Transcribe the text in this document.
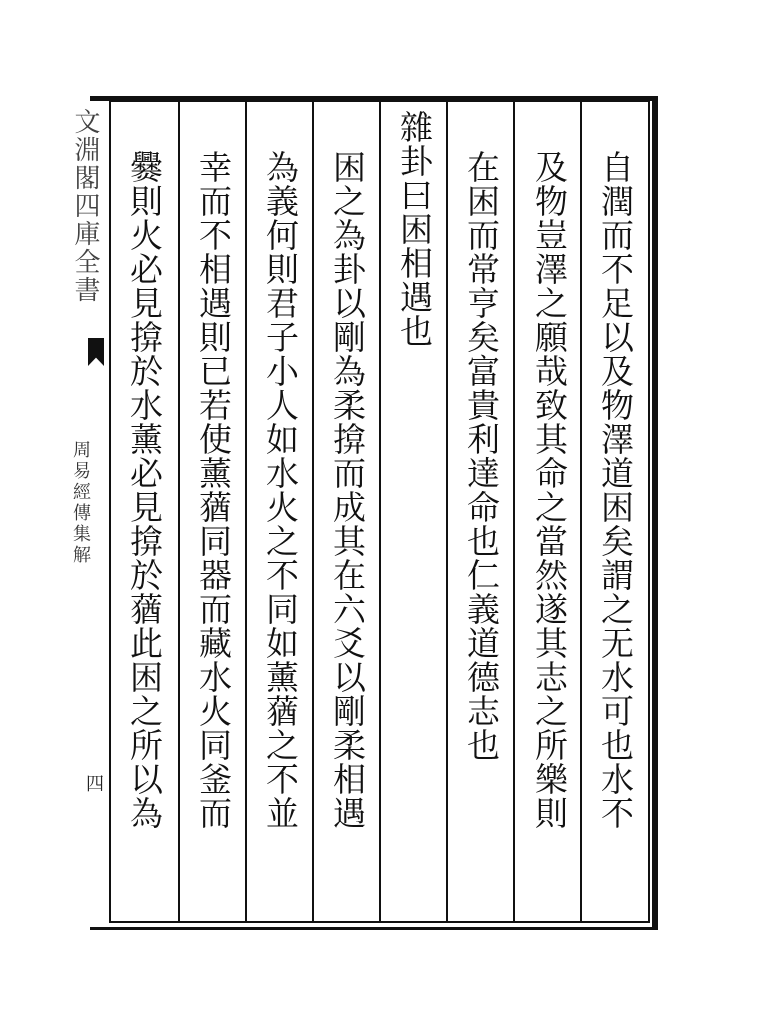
文淵閣四庫全書
周易經傳集解
四	自潤而不足以及物澤道困矣謂之无水可也水不
及物豈澤之願哉致其命之當然遂其志之所樂則
在困而常亨矣富貴利達命也仁義道德志也
雜卦曰困相遇也
困之為卦以剛為柔揜而成其在六爻以剛柔相遇
為義何則君子小人如水火之不同如薰蕕之不並
幸而不相遇則已若使薰蕕同器而藏水火同釜而
爨則火必見揜於水薰必見揜於蕕此困之所以為
